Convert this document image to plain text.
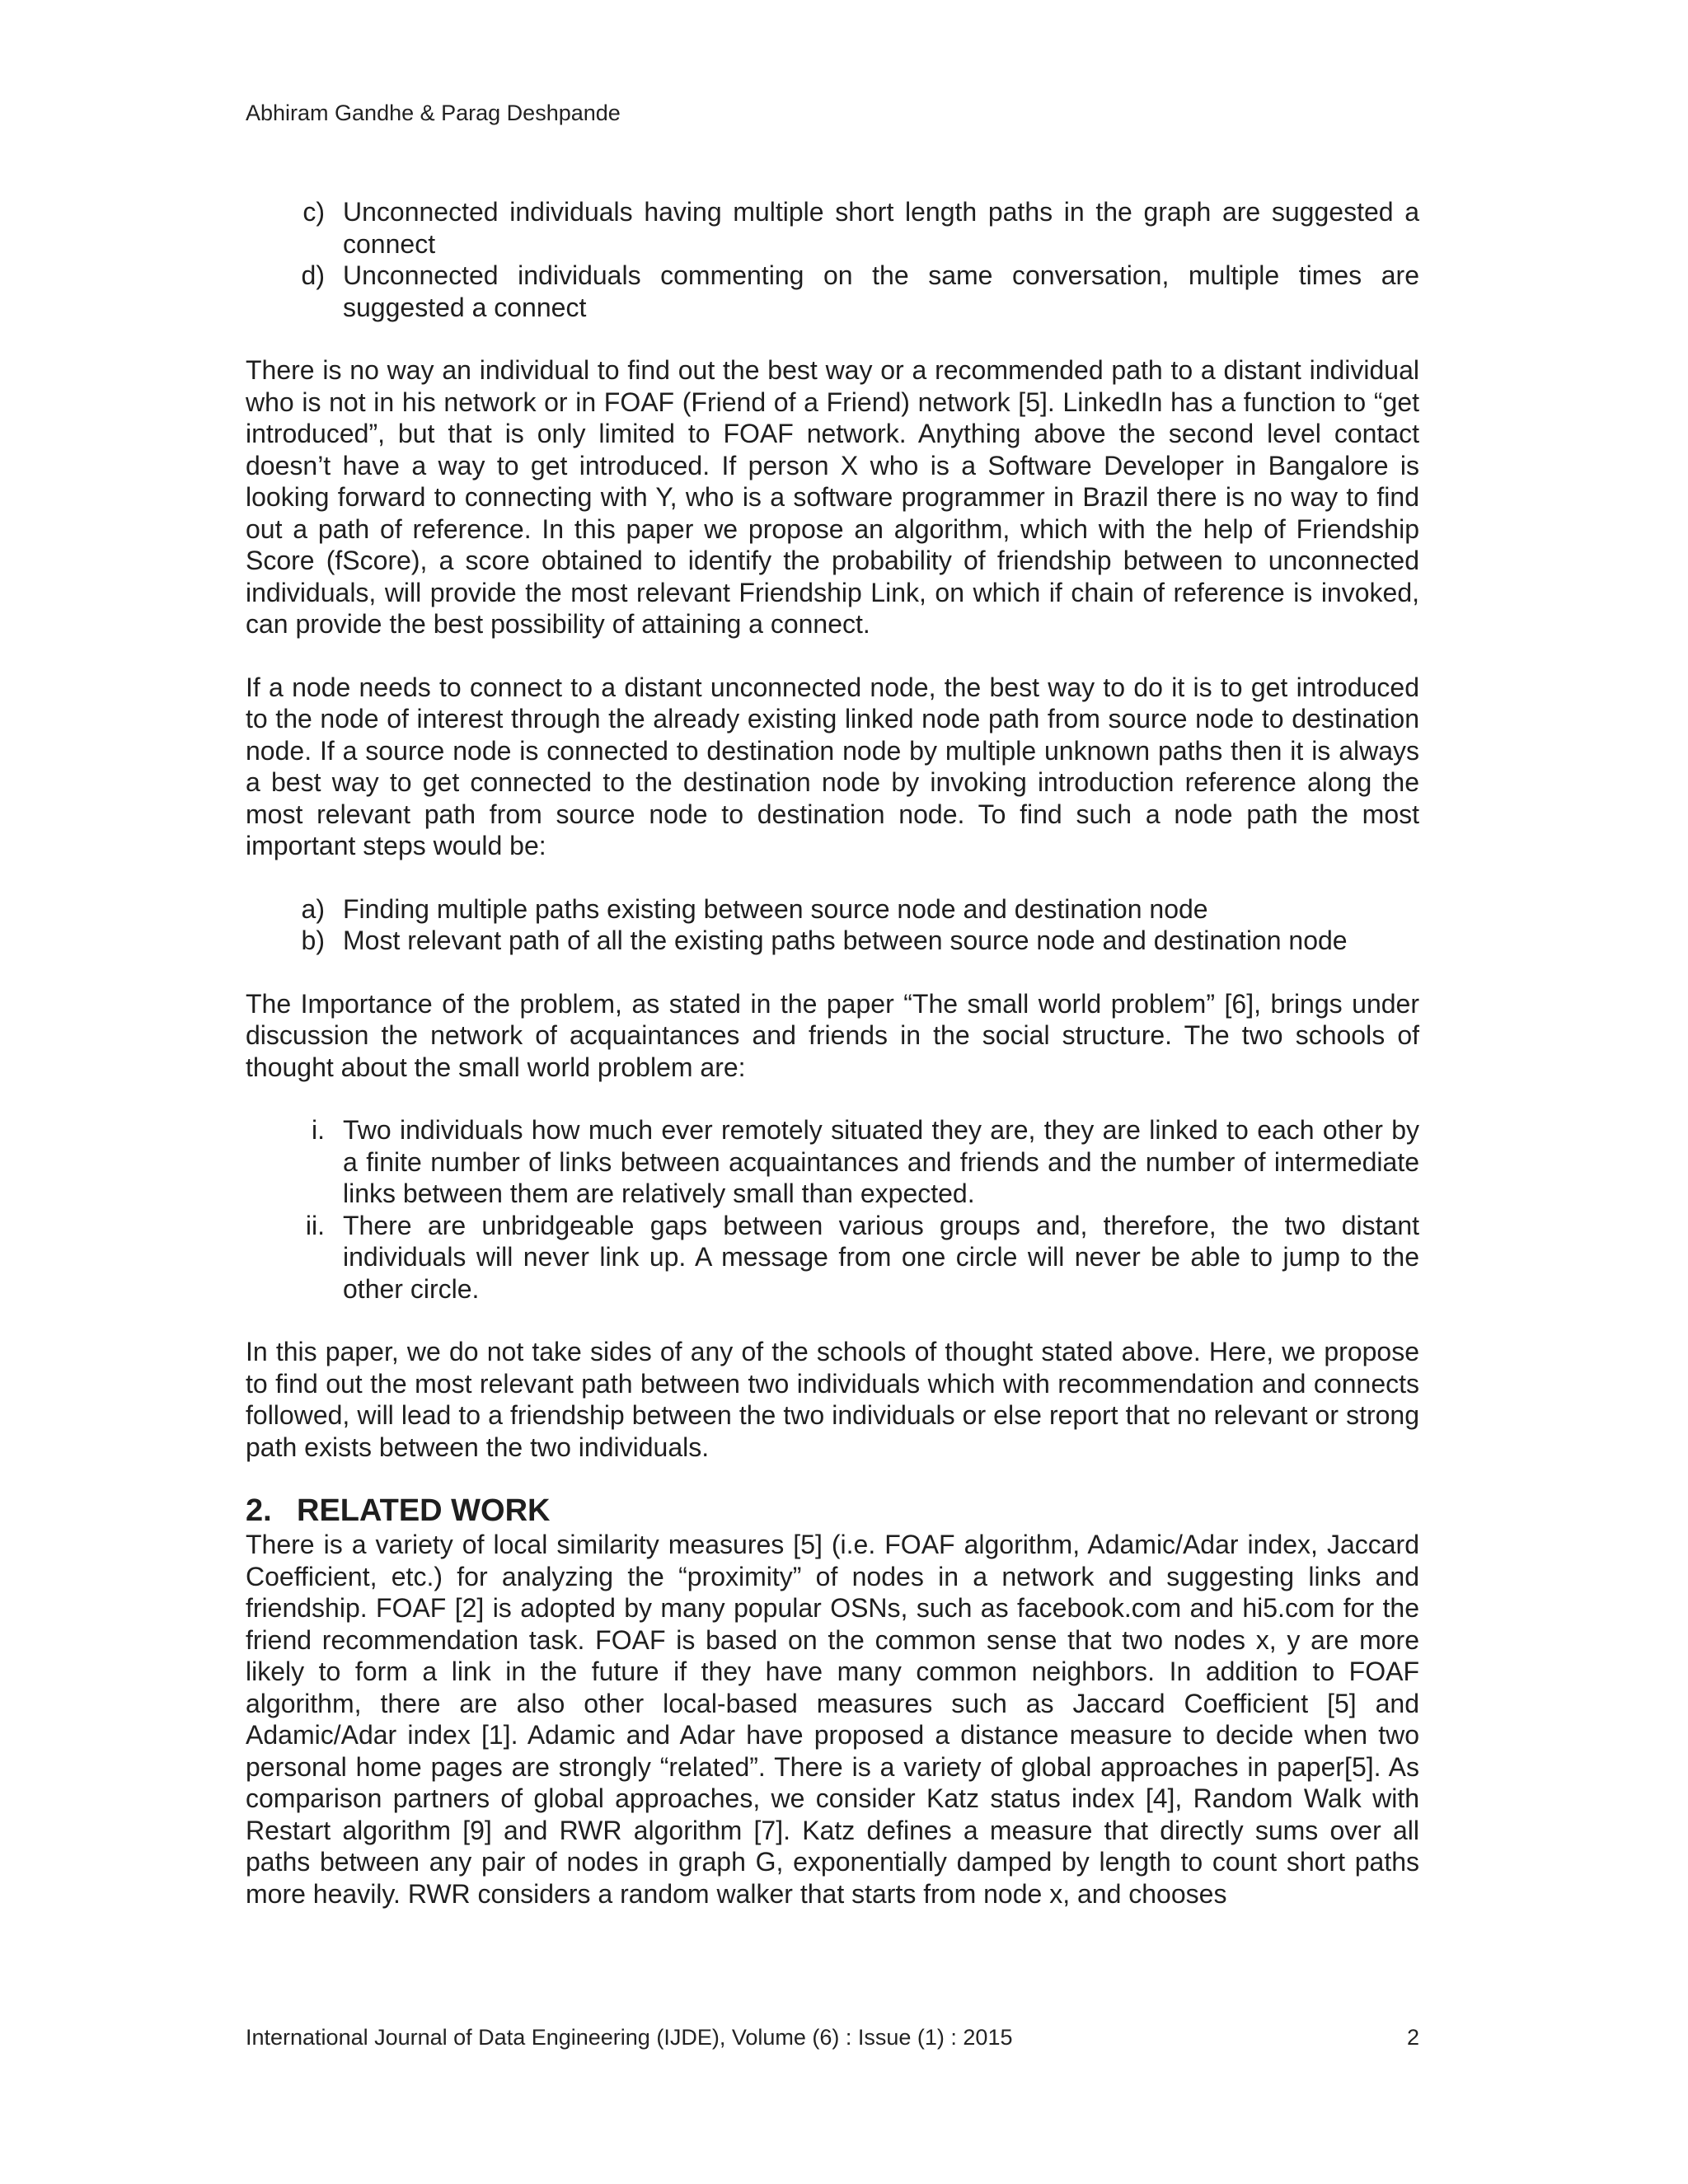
Abhiram Gandhe & Parag Deshpande
c) Unconnected individuals having multiple short length paths in the graph are suggested a connect
d) Unconnected individuals commenting on the same conversation, multiple times are suggested a connect

There is no way an individual to find out the best way or a recommended path to a distant individual who is not in his network or in FOAF (Friend of a Friend) network [5]. LinkedIn has a function to “get introduced”, but that is only limited to FOAF network. Anything above the second level contact doesn’t have a way to get introduced. If person X who is a Software Developer in Bangalore is looking forward to connecting with Y, who is a software programmer in Brazil there is no way to find out a path of reference. In this paper we propose an algorithm, which with the help of Friendship Score (fScore), a score obtained to identify the probability of friendship between to unconnected individuals, will provide the most relevant Friendship Link, on which if chain of reference is invoked, can provide the best possibility of attaining a connect.

If a node needs to connect to a distant unconnected node, the best way to do it is to get introduced to the node of interest through the already existing linked node path from source node to destination node. If a source node is connected to destination node by multiple unknown paths then it is always a best way to get connected to the destination node by invoking introduction reference along the most relevant path from source node to destination node. To find such a node path the most important steps would be:

a) Finding multiple paths existing between source node and destination node
b) Most relevant path of all the existing paths between source node and destination node

The Importance of the problem, as stated in the paper “The small world problem” [6], brings under discussion the network of acquaintances and friends in the social structure. The two schools of thought about the small world problem are:

i. Two individuals how much ever remotely situated they are, they are linked to each other by a finite number of links between acquaintances and friends and the number of intermediate links between them are relatively small than expected.
ii. There are unbridgeable gaps between various groups and, therefore, the two distant individuals will never link up. A message from one circle will never be able to jump to the other circle.

In this paper, we do not take sides of any of the schools of thought stated above. Here, we propose to find out the most relevant path between two individuals which with recommendation and connects followed, will lead to a friendship between the two individuals or else report that no relevant or strong path exists between the two individuals.

2. RELATED WORK

There is a variety of local similarity measures [5] (i.e. FOAF algorithm, Adamic/Adar index, Jaccard Coefficient, etc.) for analyzing the “proximity” of nodes in a network and suggesting links and friendship. FOAF [2] is adopted by many popular OSNs, such as facebook.com and hi5.com for the friend recommendation task. FOAF is based on the common sense that two nodes x, y are more likely to form a link in the future if they have many common neighbors. In addition to FOAF algorithm, there are also other local-based measures such as Jaccard Coefficient [5] and Adamic/Adar index [1]. Adamic and Adar have proposed a distance measure to decide when two personal home pages are strongly “related”. There is a variety of global approaches in paper[5]. As comparison partners of global approaches, we consider Katz status index [4], Random Walk with Restart algorithm [9] and RWR algorithm [7]. Katz defines a measure that directly sums over all paths between any pair of nodes in graph G, exponentially damped by length to count short paths more heavily. RWR considers a random walker that starts from node x, and chooses

International Journal of Data Engineering (IJDE), Volume (6) : Issue (1) : 2015	2
